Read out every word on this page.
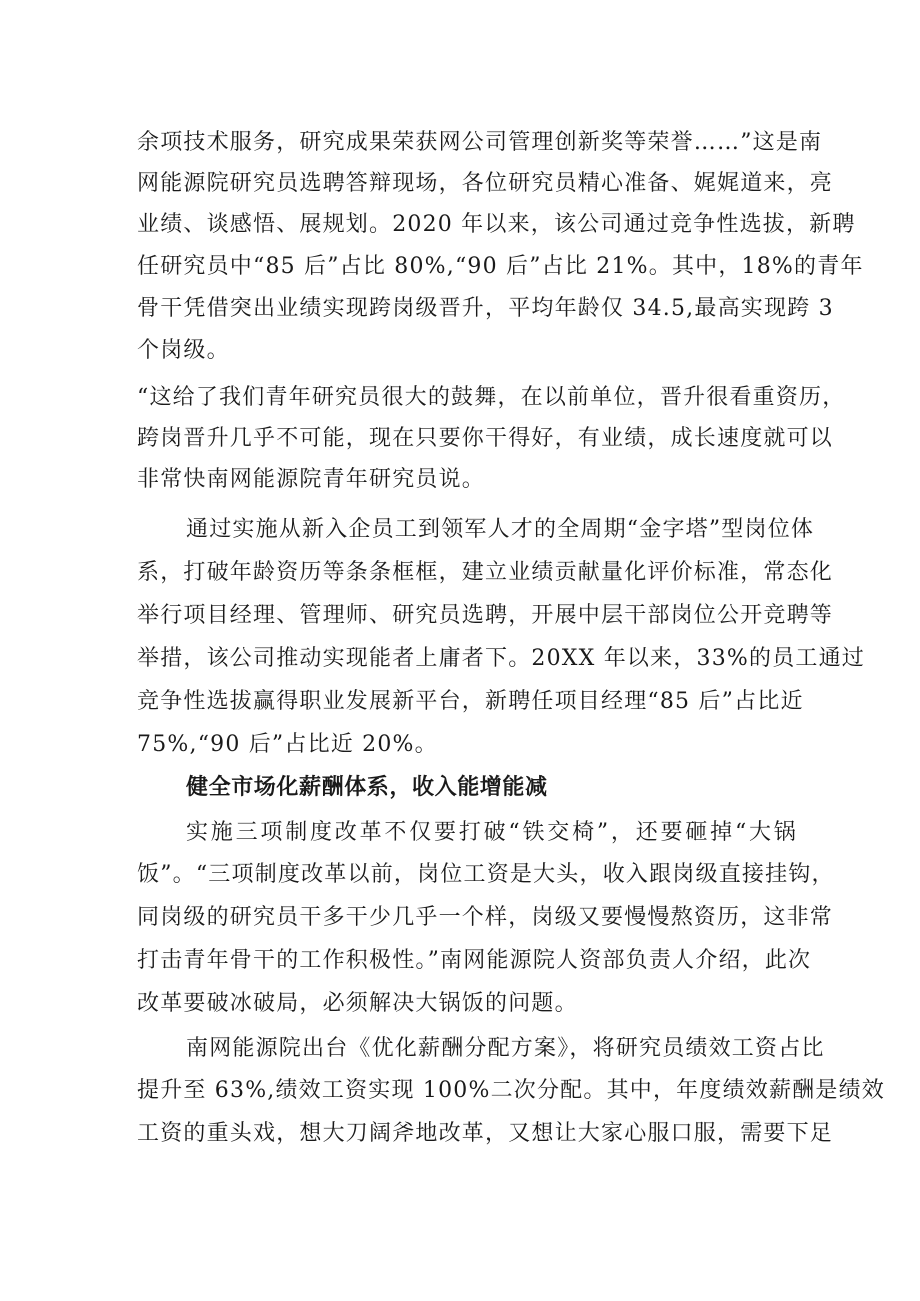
余项技术服务，研究成果荣获网公司管理创新奖等荣誉……”这是南
网能源院研究员选聘答辩现场，各位研究员精心准备、娓娓道来，亮
业绩、谈感悟、展规划。2020 年以来，该公司通过竞争性选拔，新聘
任研究员中“85 后”占比 80%,“90 后”占比 21%。其中，18%的青年
骨干凭借突出业绩实现跨岗级晋升，平均年龄仅 34.5,最高实现跨 3
个岗级。
“这给了我们青年研究员很大的鼓舞，在以前单位，晋升很看重资历，
跨岗晋升几乎不可能，现在只要你干得好，有业绩，成长速度就可以
非常快南网能源院青年研究员说。
通过实施从新入企员工到领军人才的全周期“金字塔”型岗位体
系，打破年龄资历等条条框框，建立业绩贡献量化评价标准，常态化
举行项目经理、管理师、研究员选聘，开展中层干部岗位公开竞聘等
举措，该公司推动实现能者上庸者下。20XX 年以来，33%的员工通过
竞争性选拔赢得职业发展新平台，新聘任项目经理“85 后”占比近
75%,“90 后”占比近 20%。
健全市场化薪酬体系，收入能增能减
实施三项制度改革不仅要打破“铁交椅”，还要砸掉“大锅
饭”。“三项制度改革以前，岗位工资是大头，收入跟岗级直接挂钩，
同岗级的研究员干多干少几乎一个样，岗级又要慢慢熬资历，这非常
打击青年骨干的工作积极性。”南网能源院人资部负责人介绍，此次
改革要破冰破局，必须解决大锅饭的问题。
南网能源院出台《优化薪酬分配方案》，将研究员绩效工资占比
提升至 63%,绩效工资实现 100%二次分配。其中，年度绩效薪酬是绩效
工资的重头戏，想大刀阔斧地改革，又想让大家心服口服，需要下足
